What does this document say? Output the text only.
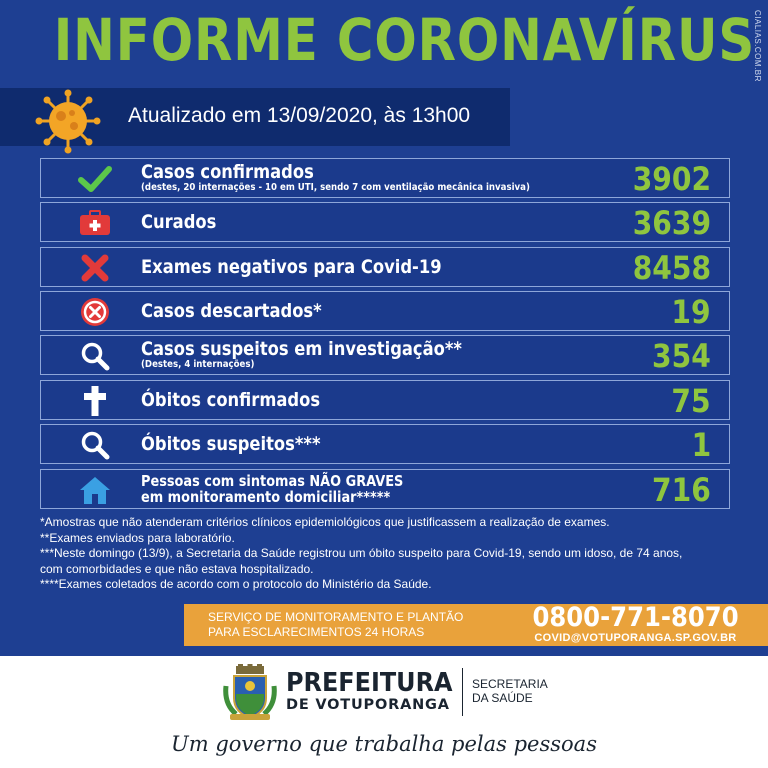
INFORME CORONAVÍRUS
CIALIAS.COM.BR
Atualizado em 13/09/2020, às 13h00
Casos confirmados
(destes, 20 internações - 10 em UTI, sendo 7 com ventilação mecânica invasiva)	3902
Curados	3639
Exames negativos para Covid-19	8458
Casos descartados*	19
Casos suspeitos em investigação**
(Destes, 4 internações)	354
Óbitos confirmados	75
Óbitos suspeitos***	1
Pessoas com sintomas NÃO GRAVES
em monitoramento domiciliar*****	716
*Amostras que não atenderam critérios clínicos epidemiológicos que justificassem a realização de exames.
**Exames enviados para laboratório.
***Neste domingo (13/9), a Secretaria da Saúde registrou um óbito suspeito para Covid-19, sendo um idoso, de 74 anos,
com comorbidades e que não estava hospitalizado.
****Exames coletados de acordo com o protocolo do Ministério da Saúde.
SERVIÇO DE MONITORAMENTO E PLANTÃO
PARA ESCLARECIMENTOS 24 HORAS	0800-771-8070
COVID@VOTUPORANGA.SP.GOV.BR
PREFEITURA
DE VOTUPORANGA
SECRETARIA
DA SAÚDE
Um governo que trabalha pelas pessoas
